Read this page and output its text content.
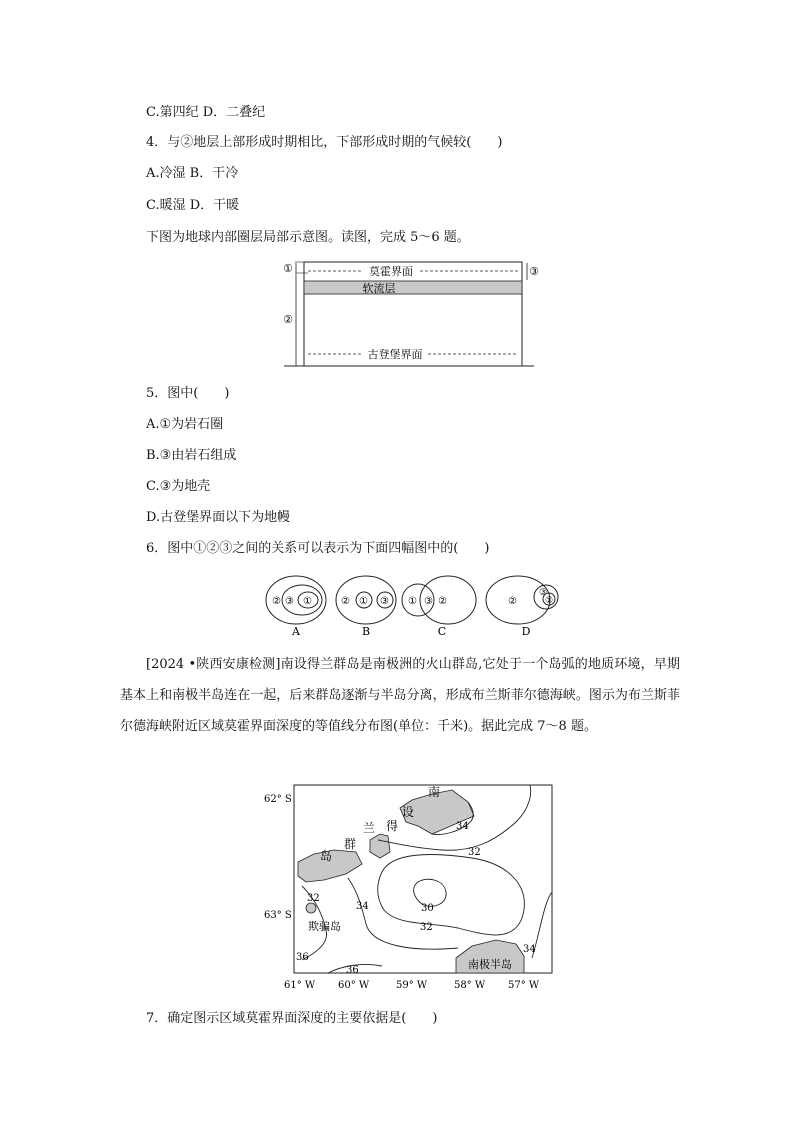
C.第四纪 D．二叠纪
4．与②地层上部形成时期相比，下部形成时期的气候较(　　)
A.冷湿 B．干冷
C.暖湿 D．干暖
下图为地球内部圈层局部示意图。读图，完成 5～6 题。
莫霍界面
软流层
古登堡界面
①
②
③
5．图中(　　)
A.①为岩石圈
B.③由岩石组成
C.③为地壳
D.古登堡界面以下为地幔
6．图中①②③之间的关系可以表示为下面四幅图中的(　　)
② ③ ①
A
② ① ③
B
① ③ ②
C
②
③
①
D
[2024 •陕西安康检测]南设得兰群岛是南极洲的火山群岛,它处于一个岛弧的地质环境，早期基本上和南极半岛连在一起，后来群岛逐渐与半岛分离，形成布兰斯菲尔德海峡。图示为布兰斯菲尔德海峡附近区域莫霍界面深度的等值线分布图(单位：千米)。据此完成 7～8 题。
34
32
30
32
32
34
34
36
36
南
设
得
兰
群
岛
欺骗岛
南极半岛
62° S
63° S
61° W 60° W	59° W	58° W 57° W
7．确定图示区域莫霍界面深度的主要依据是(　　)
